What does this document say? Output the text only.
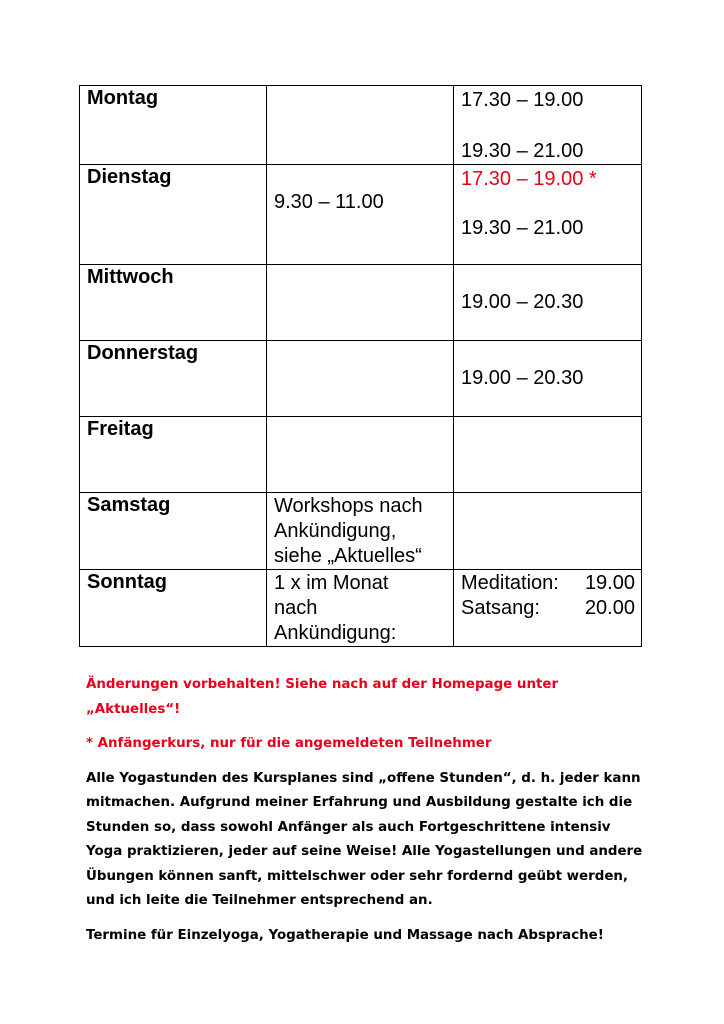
Montag		17.30 – 19.00
19.30 – 21.00

Dienstag	9.30 – 11.00	17.30 – 19.00 *
19.30 – 21.00

Mittwoch		19.00 – 20.30

Donnerstag		19.00 – 20.30

Freitag		
Samstag	Workshops nach
Ankündigung,
siehe „Aktuelles“	

Sonntag	1 x im Monat
nach
Ankündigung:	Meditation: 19.00
Satsang: 20.00

Änderungen vorbehalten! Siehe nach auf der Homepage unter „Aktuelles“!

* Anfängerkurs, nur für die angemeldeten Teilnehmer

Alle Yogastunden des Kursplanes sind „offene Stunden“, d. h. jeder kann mitmachen. Aufgrund meiner Erfahrung und Ausbildung gestalte ich die Stunden so, dass sowohl Anfänger als auch Fortgeschrittene intensiv Yoga praktizieren, jeder auf seine Weise! Alle Yogastellungen und andere Übungen können sanft, mittelschwer oder sehr fordernd geübt werden, und ich leite die Teilnehmer entsprechend an.

Termine für Einzelyoga, Yogatherapie und Massage nach Absprache!
